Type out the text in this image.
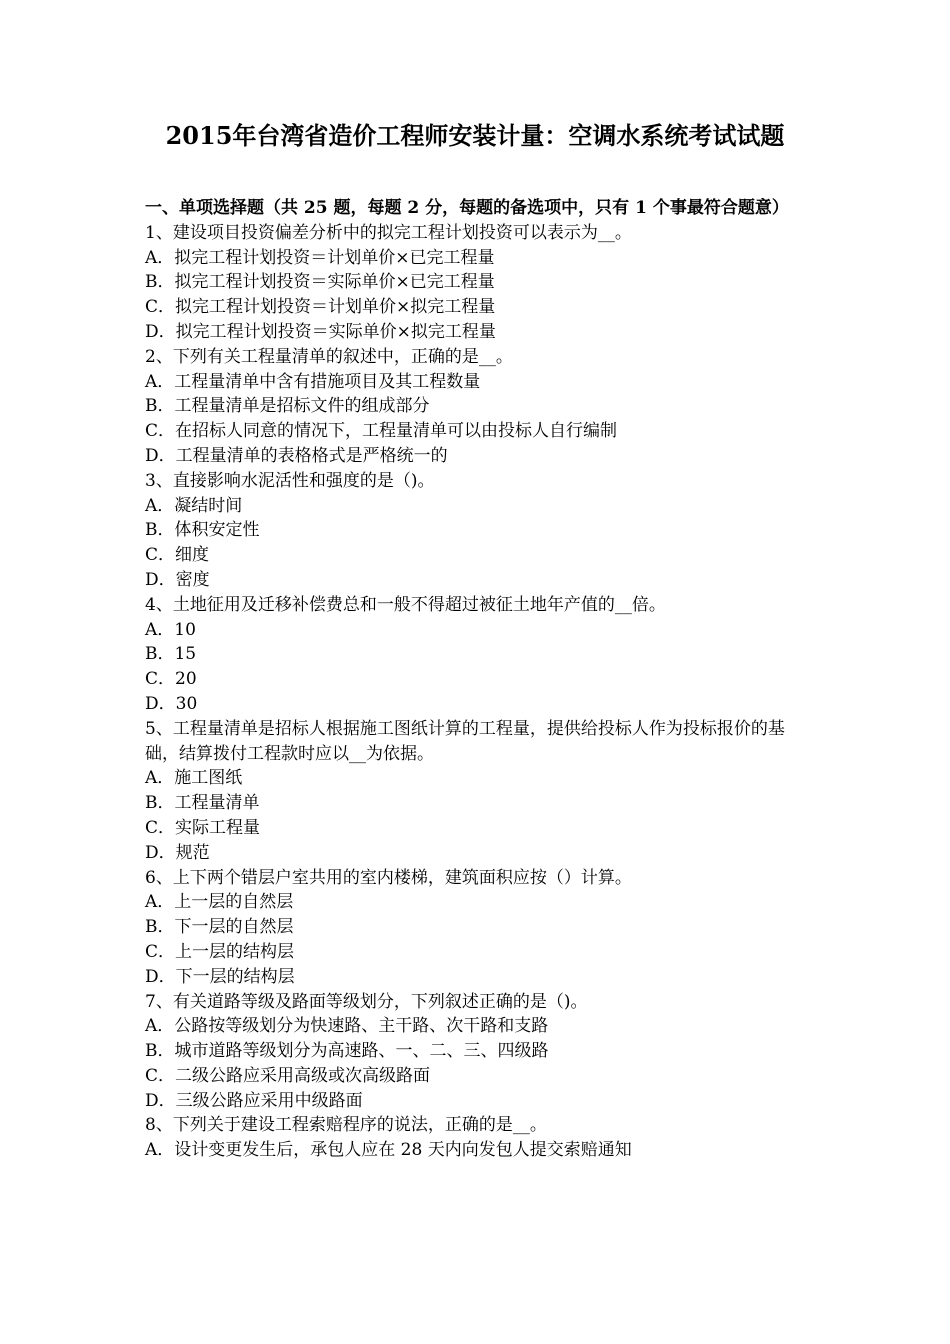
2015年台湾省造价工程师安装计量：空调水系统考试试题

一、单项选择题（共 25 题，每题 2 分，每题的备选项中，只有 1 个事最符合题意）

1、建设项目投资偏差分析中的拟完工程计划投资可以表示为__。

A．拟完工程计划投资＝计划单价×已完工程量

B．拟完工程计划投资＝实际单价×已完工程量

C．拟完工程计划投资＝计划单价×拟完工程量

D．拟完工程计划投资＝实际单价×拟完工程量

2、下列有关工程量清单的叙述中，正确的是__。

A．工程量清单中含有措施项目及其工程数量

B．工程量清单是招标文件的组成部分

C．在招标人同意的情况下，工程量清单可以由投标人自行编制

D．工程量清单的表格格式是严格统一的

3、直接影响水泥活性和强度的是（)。

A．凝结时间

B．体积安定性

C．细度

D．密度

4、土地征用及迁移补偿费总和一般不得超过被征土地年产值的__倍。

A．10

B．15

C．20

D．30

5、工程量清单是招标人根据施工图纸计算的工程量，提供给投标人作为投标报价的基础，结算拨付工程款时应以__为依据。

A．施工图纸

B．工程量清单

C．实际工程量

D．规范

6、上下两个错层户室共用的室内楼梯，建筑面积应按（）计算。

A．上一层的自然层

B．下一层的自然层

C．上一层的结构层

D．下一层的结构层

7、有关道路等级及路面等级划分，下列叙述正确的是（)。

A．公路按等级划分为快速路、主干路、次干路和支路

B．城市道路等级划分为高速路、一、二、三、四级路

C．二级公路应采用高级或次高级路面

D．三级公路应采用中级路面

8、下列关于建设工程索赔程序的说法，正确的是__。

A．设计变更发生后，承包人应在 28 天内向发包人提交索赔通知
